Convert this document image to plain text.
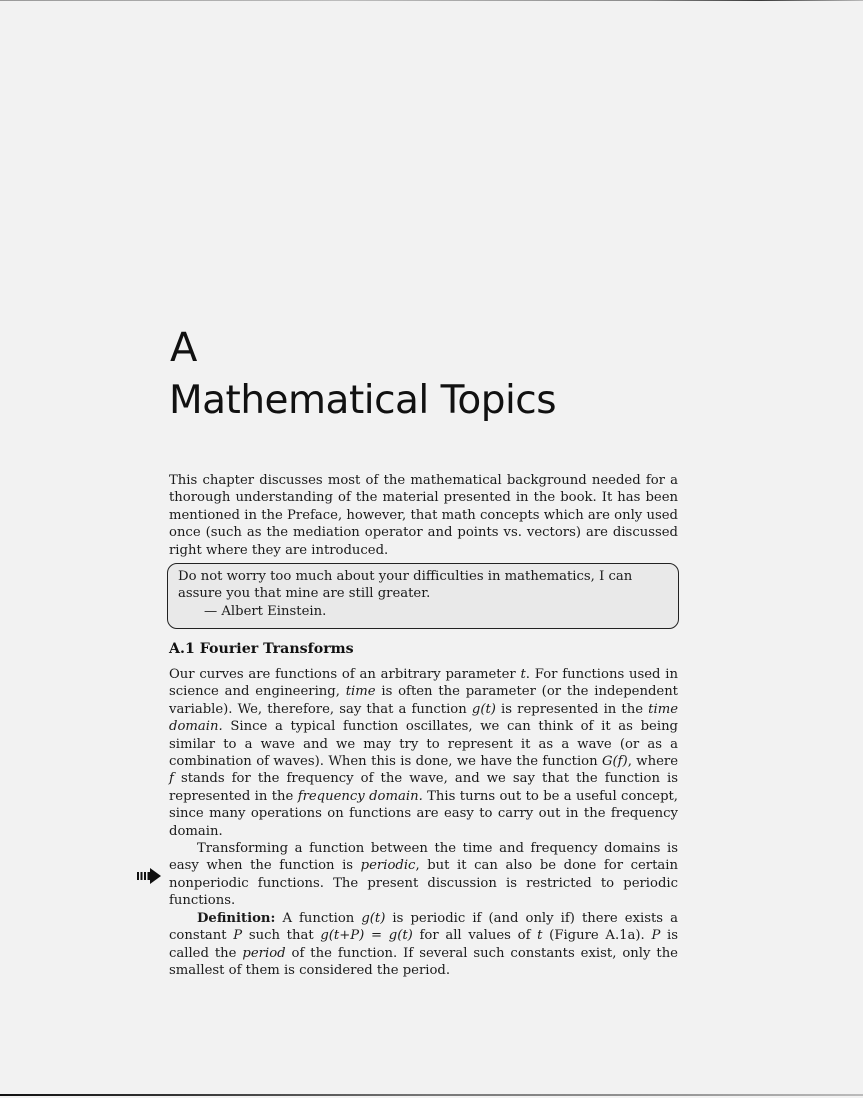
A
Mathematical Topics
This chapter discusses most of the mathematical background needed for a thorough understanding of the material presented in the book. It has been mentioned in the Preface, however, that math concepts which are only used once (such as the mediation operator and points vs. vectors) are discussed right where they are introduced.
Do not worry too much about your difficulties in mathematics, I can assure you that mine are still greater.
— Albert Einstein.
A.1 Fourier Transforms

Our curves are functions of an arbitrary parameter t. For functions used in science and engineering, time is often the parameter (or the independent variable). We, therefore, say that a function g(t) is represented in the time domain. Since a typical function oscillates, we can think of it as being similar to a wave and we may try to represent it as a wave (or as a combination of waves). When this is done, we have the function G(f), where f stands for the frequency of the wave, and we say that the function is represented in the frequency domain. This turns out to be a useful concept, since many operations on functions are easy to carry out in the frequency domain.

Transforming a function between the time and frequency domains is easy when the function is periodic, but it can also be done for certain nonperiodic functions. The present discussion is restricted to periodic functions.

Definition: A function g(t) is periodic if (and only if) there exists a constant P such that g(t+P) = g(t) for all values of t (Figure A.1a). P is called the period of the function. If several such constants exist, only the smallest of them is considered the period.
